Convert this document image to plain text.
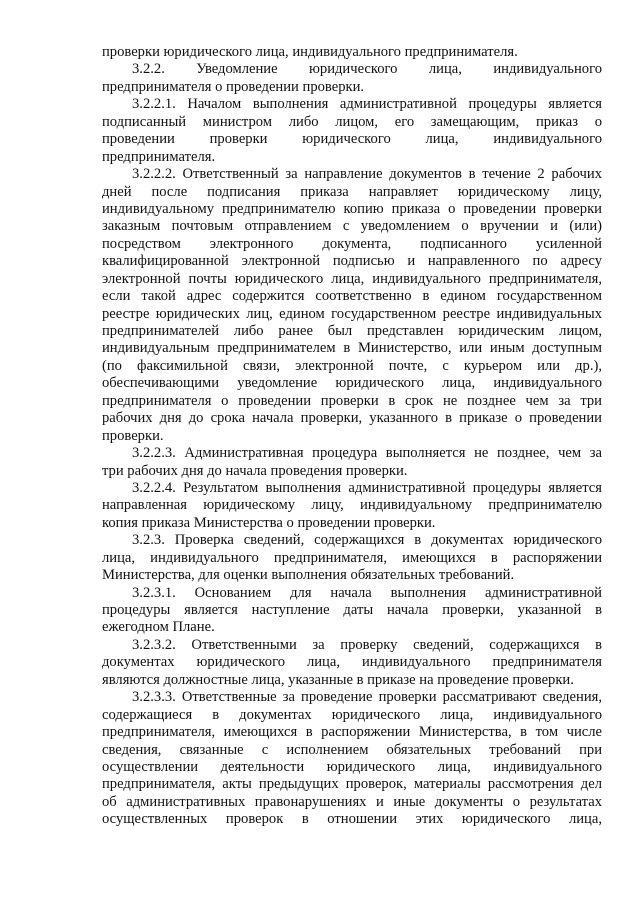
проверки юридического лица, индивидуального предпринимателя.
3.2.2. Уведомление юридического лица, индивидуального
предпринимателя о проведении проверки.
3.2.2.1. Началом выполнения административной процедуры является
подписанный министром либо лицом, его замещающим, приказ о
проведении проверки юридического лица, индивидуального
предпринимателя.
3.2.2.2. Ответственный за направление документов в течение 2 рабочих
дней после подписания приказа направляет юридическому лицу,
индивидуальному предпринимателю копию приказа о проведении проверки
заказным почтовым отправлением с уведомлением о вручении и (или)
посредством электронного документа, подписанного усиленной
квалифицированной электронной подписью и направленного по адресу
электронной почты юридического лица, индивидуального предпринимателя,
если такой адрес содержится соответственно в едином государственном
реестре юридических лиц, едином государственном реестре индивидуальных
предпринимателей либо ранее был представлен юридическим лицом,
индивидуальным предпринимателем в Министерство, или иным доступным
(по факсимильной связи, электронной почте, с курьером или др.),
обеспечивающими уведомление юридического лица, индивидуального
предпринимателя о проведении проверки в срок не позднее чем за три
рабочих дня до срока начала проверки, указанного в приказе о проведении
проверки.
3.2.2.3. Административная процедура выполняется не позднее, чем за
три рабочих дня до начала проведения проверки.
3.2.2.4. Результатом выполнения административной процедуры является
направленная юридическому лицу, индивидуальному предпринимателю
копия приказа Министерства о проведении проверки.
3.2.3. Проверка сведений, содержащихся в документах юридического
лица, индивидуального предпринимателя, имеющихся в распоряжении
Министерства, для оценки выполнения обязательных требований.
3.2.3.1. Основанием для начала выполнения административной
процедуры является наступление даты начала проверки, указанной в
ежегодном Плане.
3.2.3.2. Ответственными за проверку сведений, содержащихся в
документах юридического лица, индивидуального предпринимателя
являются должностные лица, указанные в приказе на проведение проверки.
3.2.3.3. Ответственные за проведение проверки рассматривают сведения,
содержащиеся в документах юридического лица, индивидуального
предпринимателя, имеющихся в распоряжении Министерства, в том числе
сведения, связанные с исполнением обязательных требований при
осуществлении деятельности юридического лица, индивидуального
предпринимателя, акты предыдущих проверок, материалы рассмотрения дел
об административных правонарушениях и иные документы о результатах
осуществленных проверок в отношении этих юридического лица,
